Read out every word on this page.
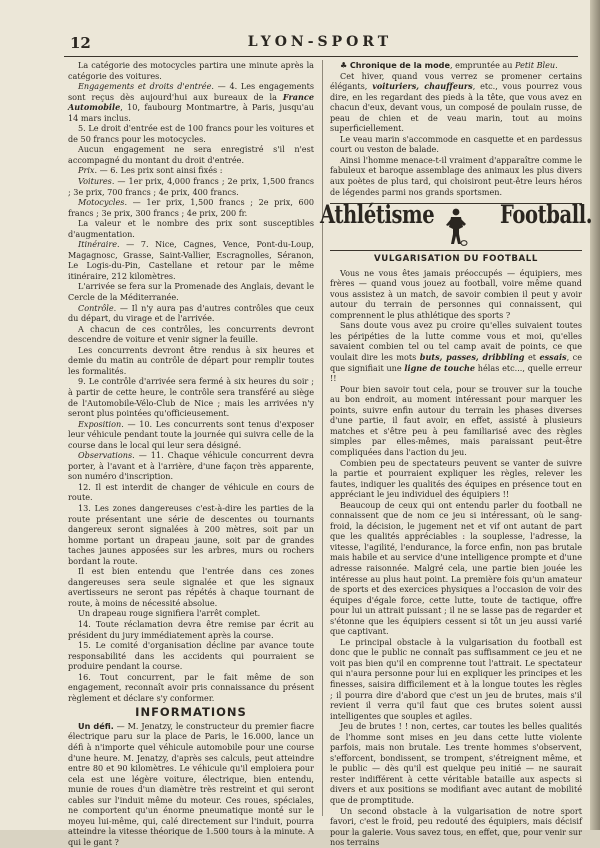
12	LYON-SPORT

La catégorie des motocycles partira une minute après la catégorie des voitures.

Engagements et droits d'entrée. — 4. Les engagements sont reçus dès aujourd'hui aux bureaux de la France Automobile, 10, faubourg Montmartre, à Paris, jusqu'au 14 mars inclus.

5. Le droit d'entrée est de 100 francs pour les voitures et de 50 francs pour les motocycles.

Aucun engagement ne sera enregistré s'il n'est accompagné du montant du droit d'entrée.

Prix. — 6. Les prix sont ainsi fixés :

Voitures. — 1er prix, 4,000 francs ; 2e prix, 1,500 francs ; 3e prix, 700 francs ; 4e prix, 400 francs.

Motocycles. — 1er prix, 1,500 francs ; 2e prix, 600 francs ; 3e prix, 300 francs ; 4e prix, 200 fr.

La valeur et le nombre des prix sont susceptibles d'augmentation.

Itinéraire. — 7. Nice, Cagnes, Vence, Pont-du-Loup, Magagnosc, Grasse, Saint-Vallier, Escragnolles, Séranon, Le Logis-du-Pin, Castellane et retour par le même itinéraire, 212 kilomètres.

L'arrivée se fera sur la Promenade des Anglais, devant le Cercle de la Méditerranée.

Contrôle. — Il n'y aura pas d'autres contrôles que ceux du départ, du virage et de l'arrivée.

A chacun de ces contrôles, les concurrents devront descendre de voiture et venir signer la feuille.

Les concurrents devront être rendus à six heures et demie du matin au contrôle de départ pour remplir toutes les formalités.

9. Le contrôle d'arrivée sera fermé à six heures du soir ; à partir de cette heure, le contrôle sera transféré au siège de l'Automobile-Vélo-Club de Nice ; mais les arrivées n'y seront plus pointées qu'officieusement.

Exposition. — 10. Les concurrents sont tenus d'exposer leur véhicule pendant toute la journée qui suivra celle de la course dans le local qui leur sera désigné.

Observations. — 11. Chaque véhicule concurrent devra porter, à l'avant et à l'arrière, d'une façon très apparente, son numéro d'inscription.

12. Il est interdit de changer de véhicule en cours de route.

13. Les zones dangereuses c'est-à-dire les parties de la route présentant une série de descentes ou tournants dangereux seront signalées à 200 mètres, soit par un homme portant un drapeau jaune, soit par de grandes taches jaunes apposées sur les arbres, murs ou rochers bordant la route.

Il est bien entendu que l'entrée dans ces zones dangereuses sera seule signalée et que les signaux avertisseurs ne seront pas répétés à chaque tournant de route, à moins de nécessité absolue.

Un drapeau rouge signifiera l'arrêt complet.

14. Toute réclamation devra être remise par écrit au président du jury immédiatement après la course.

15. Le comité d'organisation décline par avance toute responsabilité dans les accidents qui pourraient se produire pendant la course.

16. Tout concurrent, par le fait même de son engagement, reconnaît avoir pris connaissance du présent règlement et déclare s'y conformer.

INFORMATIONS

Un défi. — M. Jenatzy, le constructeur du premier fiacre électrique paru sur la place de Paris, le 16.000, lance un défi à n'importe quel véhicule automobile pour une course d'une heure. M. Jenatzy, d'après ses calculs, peut atteindre entre 80 et 90 kilomètres. Le véhicule qu'il emploiera pour cela est une légère voiture, électrique, bien entendu, munie de roues d'un diamètre très restreint et qui seront cables sur l'induit même du moteur. Ces roues, spéciales, ne comportent qu'un énorme pneumatique monté sur le moyeu lui-même, qui, calé directement sur l'induit, pourra atteindre la vitesse théorique de 1.500 tours à la minute. A qui le gant ?

♣ Chronique de la mode, empruntée au Petit Bleu.

Cet hiver, quand vous verrez se promener certains élégants, voituriers, chauffeurs, etc., vous pourrez vous dire, en les regardant des pieds à la tête, que vous avez en chacun d'eux, devant vous, un composé de poulain russe, de peau de chien et de veau marin, tout au moins superficiellement.

Le veau marin s'accommode en casquette et en pardessus court ou veston de balade.

Ainsi l'homme menace-t-il vraiment d'apparaître comme le fabuleux et baroque assemblage des animaux les plus divers aux poètes de plus tard, qui choisiront peut-être leurs héros de légendes parmi nos grands sportsmen.

Athlétisme	Football.
VULGARISATION DU FOOTBALL

Vous ne vous êtes jamais préoccupés — équipiers, mes frères — quand vous jouez au football, voire même quand vous assistez à un match, de savoir combien il peut y avoir autour du terrain de personnes qui connaissent, qui comprennent le plus athlétique des sports ?

Sans doute vous avez pu croire qu'elles suivaient toutes les péripéties de la lutte comme vous et moi, qu'elles savaient combien tel ou tel camp avait de points, ce que voulait dire les mots buts, passes, dribbling et essais, ce que signifiait une ligne de touche hélas etc..., quelle erreur !!

Pour bien savoir tout cela, pour se trouver sur la touche au bon endroit, au moment intéressant pour marquer les points, suivre enfin autour du terrain les phases diverses d'une partie, il faut avoir, en effet, assisté à plusieurs matches et s'être peu à peu familiarisé avec des règles simples par elles-mêmes, mais paraissant peut-être compliquées dans l'action du jeu.

Combien peu de spectateurs peuvent se vanter de suivre la partie et pourraient expliquer les règles, relever les fautes, indiquer les qualités des équipes en présence tout en appréciant le jeu individuel des équipiers !!

Beaucoup de ceux qui ont entendu parler du football ne connaissent que de nom ce jeu si intéressant, où le sang-froid, la décision, le jugement net et vif ont autant de part que les qualités appréciables : la souplesse, l'adresse, la vitesse, l'agilité, l'endurance, la force enfin, non pas brutale mais habile et au service d'une intelligence prompte et d'une adresse raisonnée. Malgré cela, une partie bien jouée les intéresse au plus haut point. La première fois qu'un amateur de sports et des exercices physiques a l'occasion de voir des équipes d'égale force, cette lutte, toute de tactique, offre pour lui un attrait puissant ; il ne se lasse pas de regarder et s'étonne que les équipiers cessent si tôt un jeu aussi varié que captivant.

Le principal obstacle à la vulgarisation du football est donc que le public ne connaît pas suffisamment ce jeu et ne voit pas bien qu'il en comprenne tout l'attrait. Le spectateur qui n'aura personne pour lui en expliquer les principes et les finesses, saisira difficilement et à la longue toutes les règles ; il pourra dire d'abord que c'est un jeu de brutes, mais s'il revient il verra qu'il faut que ces brutes soient aussi intelligentes que souples et agiles.

Jeu de brutes ! ! non, certes, car toutes les belles qualités de l'homme sont mises en jeu dans cette lutte violente parfois, mais non brutale. Les trente hommes s'observent, s'efforcent, bondissent, se trompent, s'étreignent même, et le public — dès qu'il est quelque peu initié — ne saurait rester indifférent à cette véritable bataille aux aspects si divers et aux positions se modifiant avec autant de mobilité que de promptitude.

Un second obstacle à la vulgarisation de notre sport favori, c'est le froid, peu redouté des équipiers, mais décisif pour la galerie. Vous savez tous, en effet, que, pour venir sur nos terrains
